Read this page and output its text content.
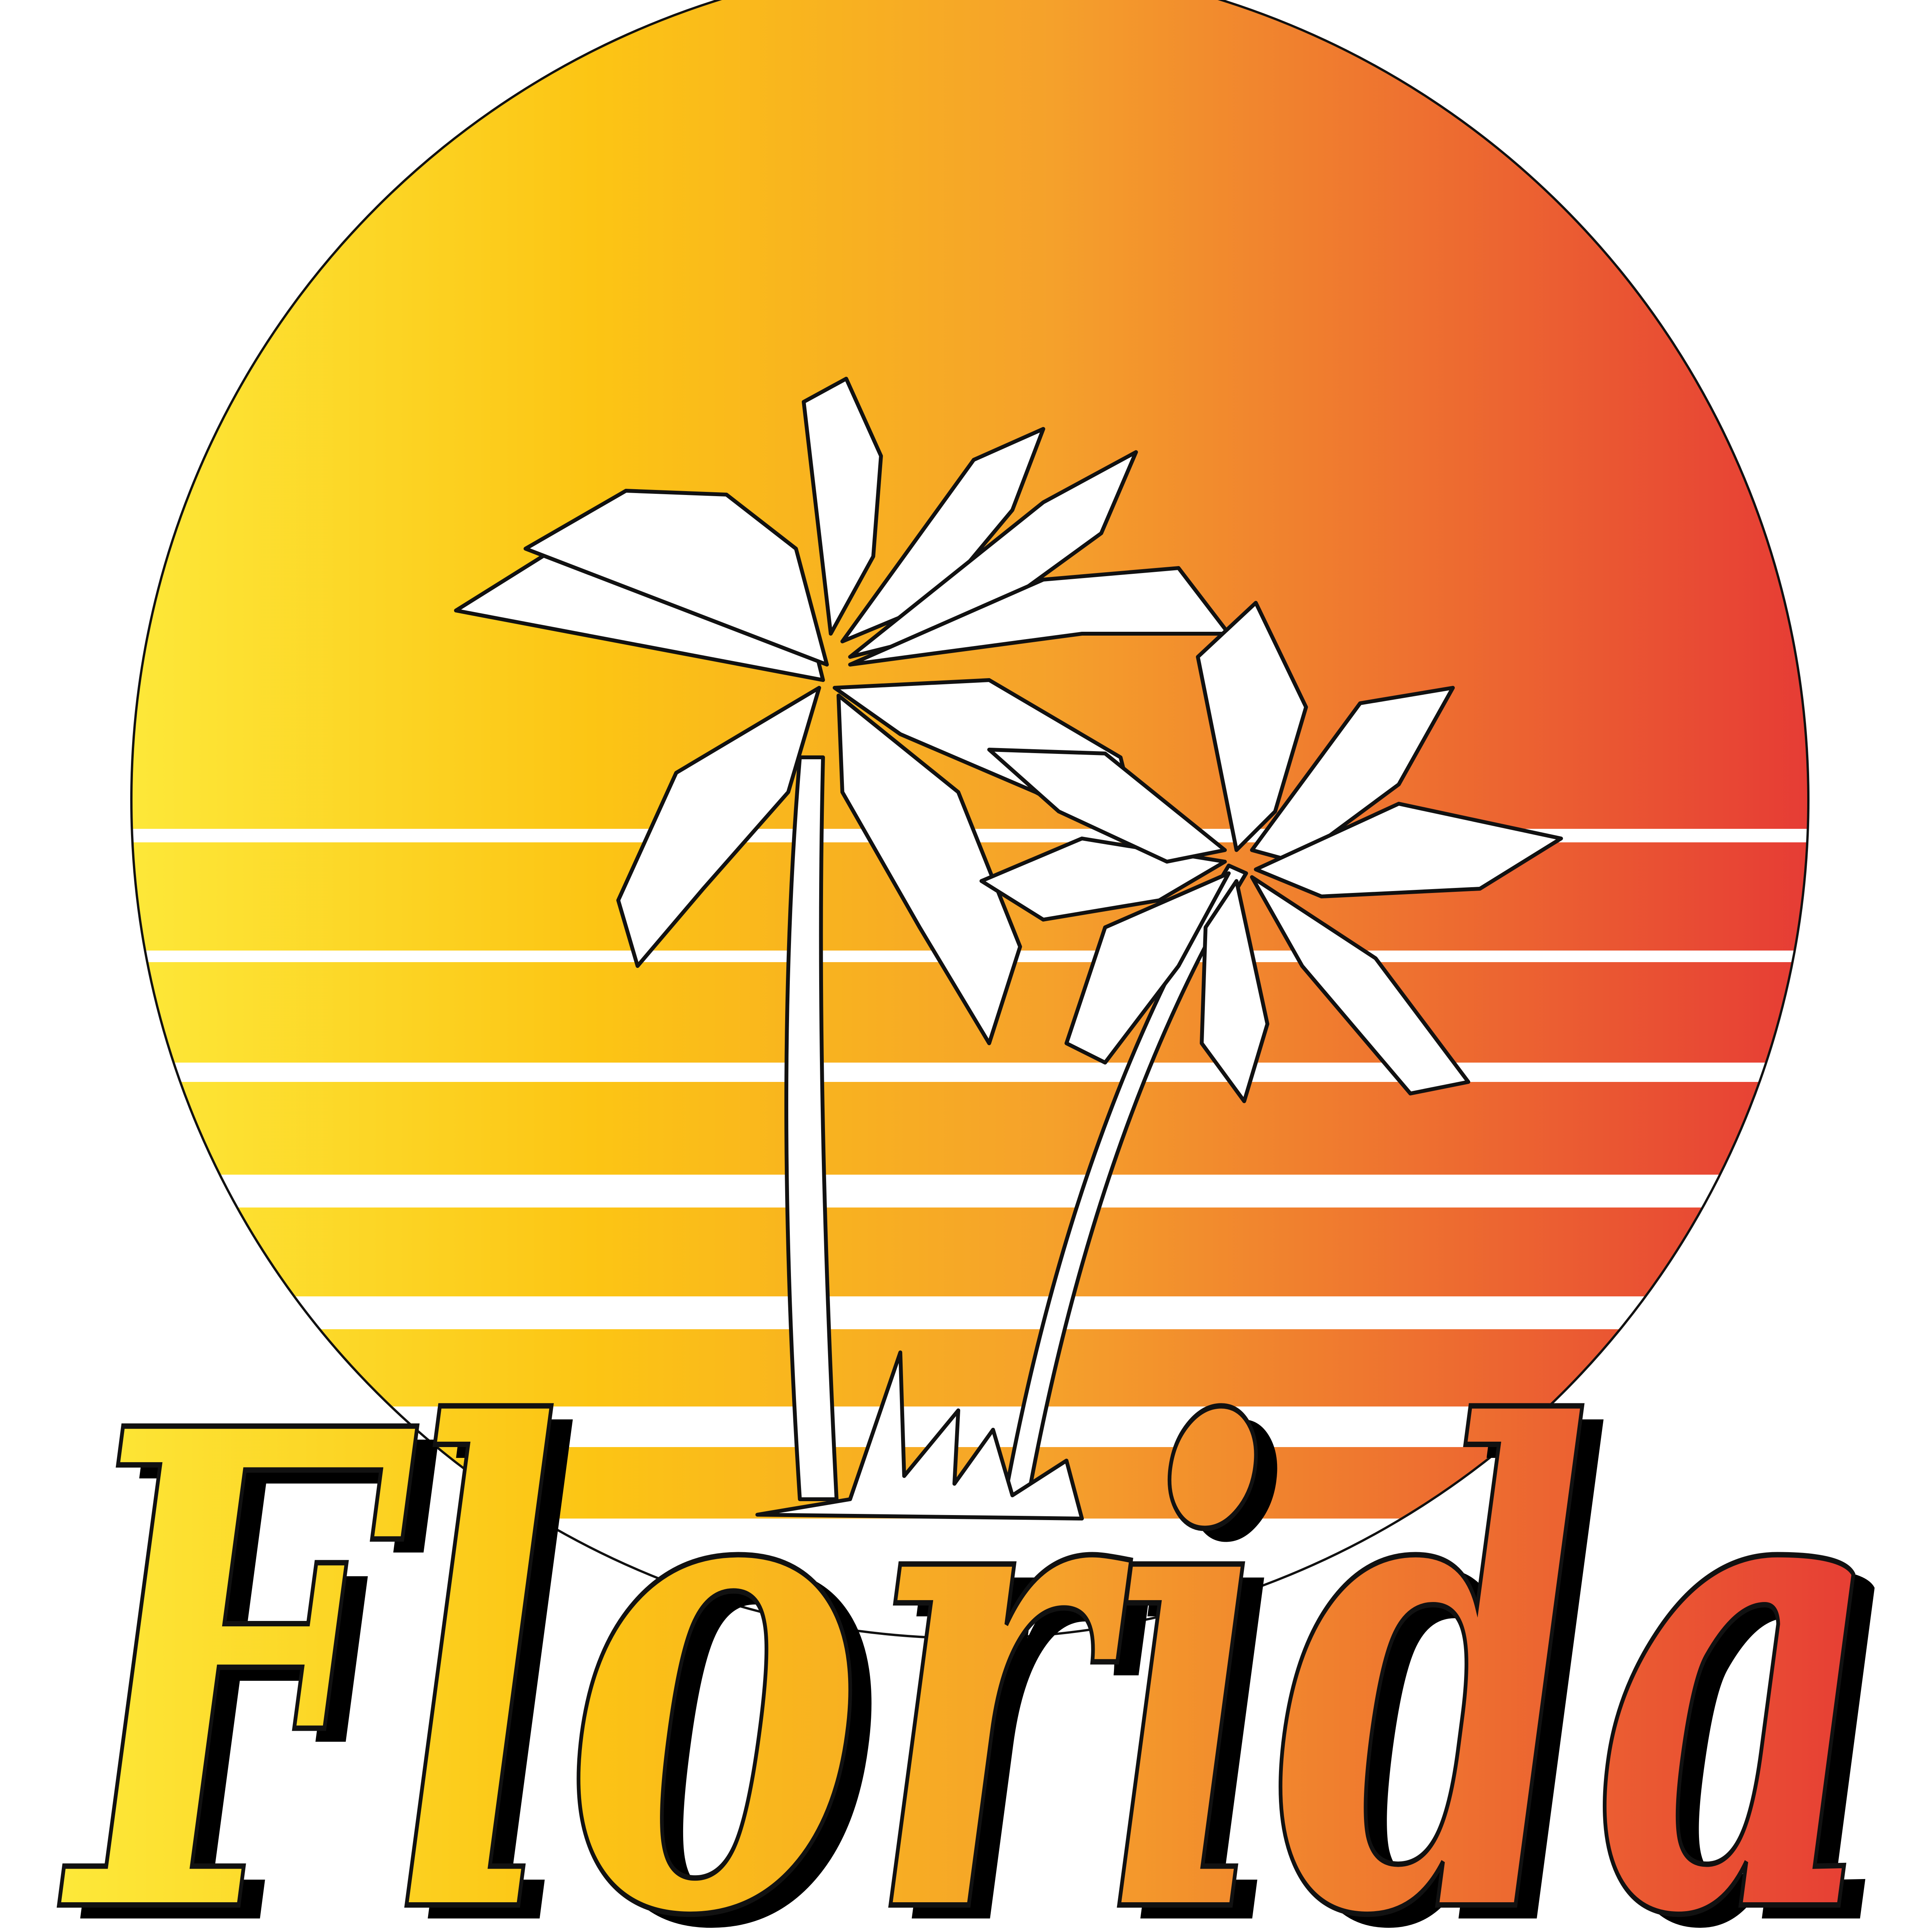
Florida
Florida
